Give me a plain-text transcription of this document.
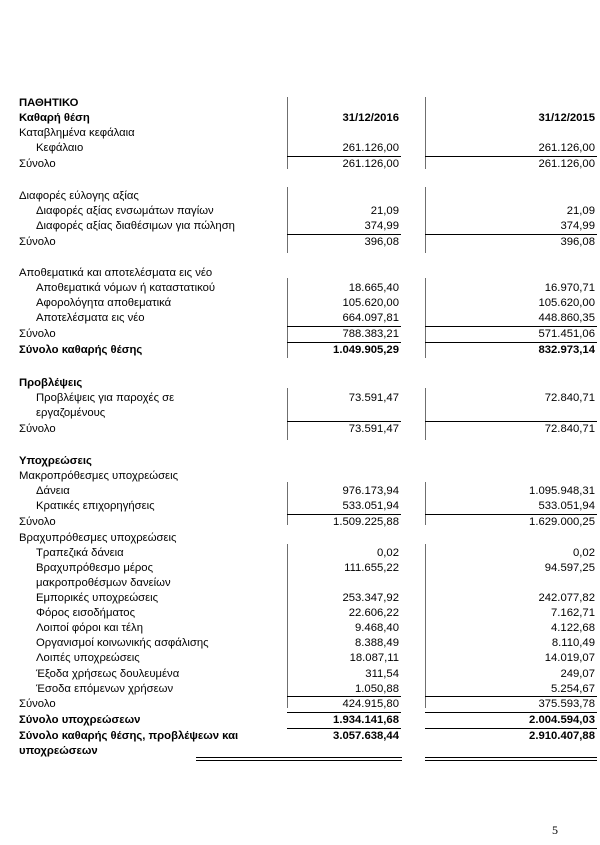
ΠΑΘΗΤΙΚΟ
Καθαρή θέση	31/12/2016	31/12/2015
Καταβλημένα κεφάλαια
Κεφάλαιο	261.126,00	261.126,00
Σύνολο	261.126,00	261.126,00
Διαφορές εύλογης αξίας
Διαφορές αξίας ενσωμάτων παγίων	21,09	21,09
Διαφορές αξίας διαθέσιμων για πώληση	374,99	374,99
Σύνολο	396,08	396,08
Αποθεματικά και αποτελέσματα εις νέο
Αποθεματικά νόμων ή καταστατικού	18.665,40	16.970,71
Αφορολόγητα αποθεματικά	105.620,00	105.620,00
Αποτελέσματα εις νέο	664.097,81	448.860,35
Σύνολο	788.383,21	571.451,06
Σύνολο καθαρής θέσης	1.049.905,29	832.973,14
Προβλέψεις
Προβλέψεις για παροχές σε	73.591,47	72.840,71
εργαζομένους
Σύνολο	73.591,47	72.840,71
Υποχρεώσεις
Μακροπρόθεσμες υποχρεώσεις
Δάνεια	976.173,94	1.095.948,31
Κρατικές επιχορηγήσεις	533.051,94	533.051,94
Σύνολο	1.509.225,88	1.629.000,25
Βραχυπρόθεσμες υποχρεώσεις
Τραπεζικά δάνεια	0,02	0,02
Βραχυπρόθεσμο μέρος	111.655,22	94.597,25
μακροπροθέσμων δανείων
Εμπορικές υποχρεώσεις	253.347,92	242.077,82
Φόρος εισοδήματος	22.606,22	7.162,71
Λοιποί φόροι και τέλη	9.468,40	4.122,68
Οργανισμοί κοινωνικής ασφάλισης	8.388,49	8.110,49
Λοιπές υποχρεώσεις	18.087,11	14.019,07
Έξοδα χρήσεως δουλευμένα	311,54	249,07
Έσοδα επόμενων χρήσεων	1.050,88	5.254,67
Σύνολο	424.915,80	375.593,78
Σύνολο υποχρεώσεων	1.934.141,68	2.004.594,03
Σύνολο καθαρής θέσης, προβλέψεων και	3.057.638,44	2.910.407,88
υποχρεώσεων
5
